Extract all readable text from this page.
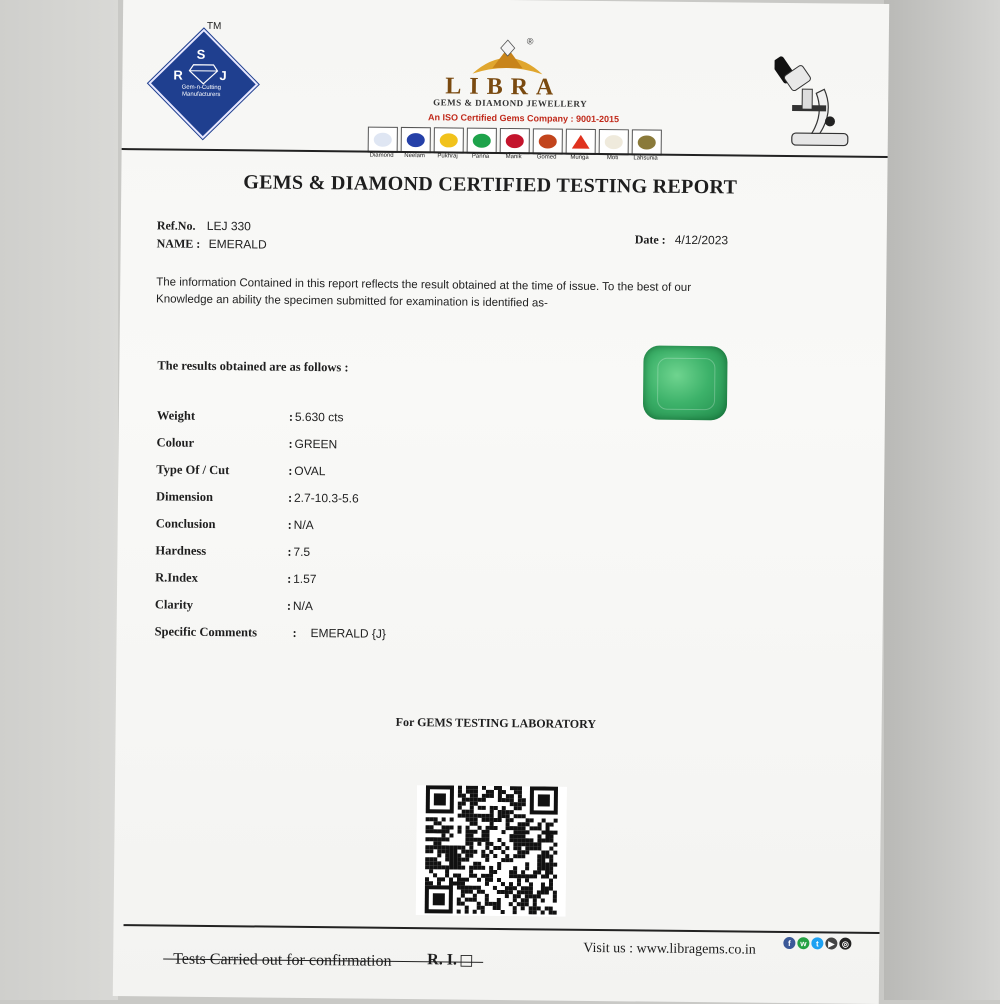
TM
S
R	J
Gem-n-Cutting Manufacturers
®
LIBRA
GEMS & DIAMOND JEWELLERY
An ISO Certified Gems Company : 9001-2015
Diamond	Neelam	Pukhraj	Panna	Manik	Gomed	Munga	Moti	Lahsunia
GEMS & DIAMOND CERTIFIED TESTING REPORT
Ref.No. LEJ 330
NAME : EMERALD	Date : 4/12/2023
The information Contained in this report reflects the result obtained at the time of issue. To the best of our
Knowledge an ability the specimen submitted for examination is identified as-
The results obtained are as follows :
Weight	: 5.630 cts
Colour	: GREEN
Type Of / Cut	: OVAL
Dimension	: 2.7-10.3-5.6
Conclusion	: N/A
Hardness	: 7.5
R.Index	: 1.57
Clarity	: N/A
Specific Comments	: EMERALD {J}
For GEMS TESTING LABORATORY
Visit us : www.libragems.co.in	f	w	t	▶ ◎
Tests Carried out for confirmation R. I. ☐
